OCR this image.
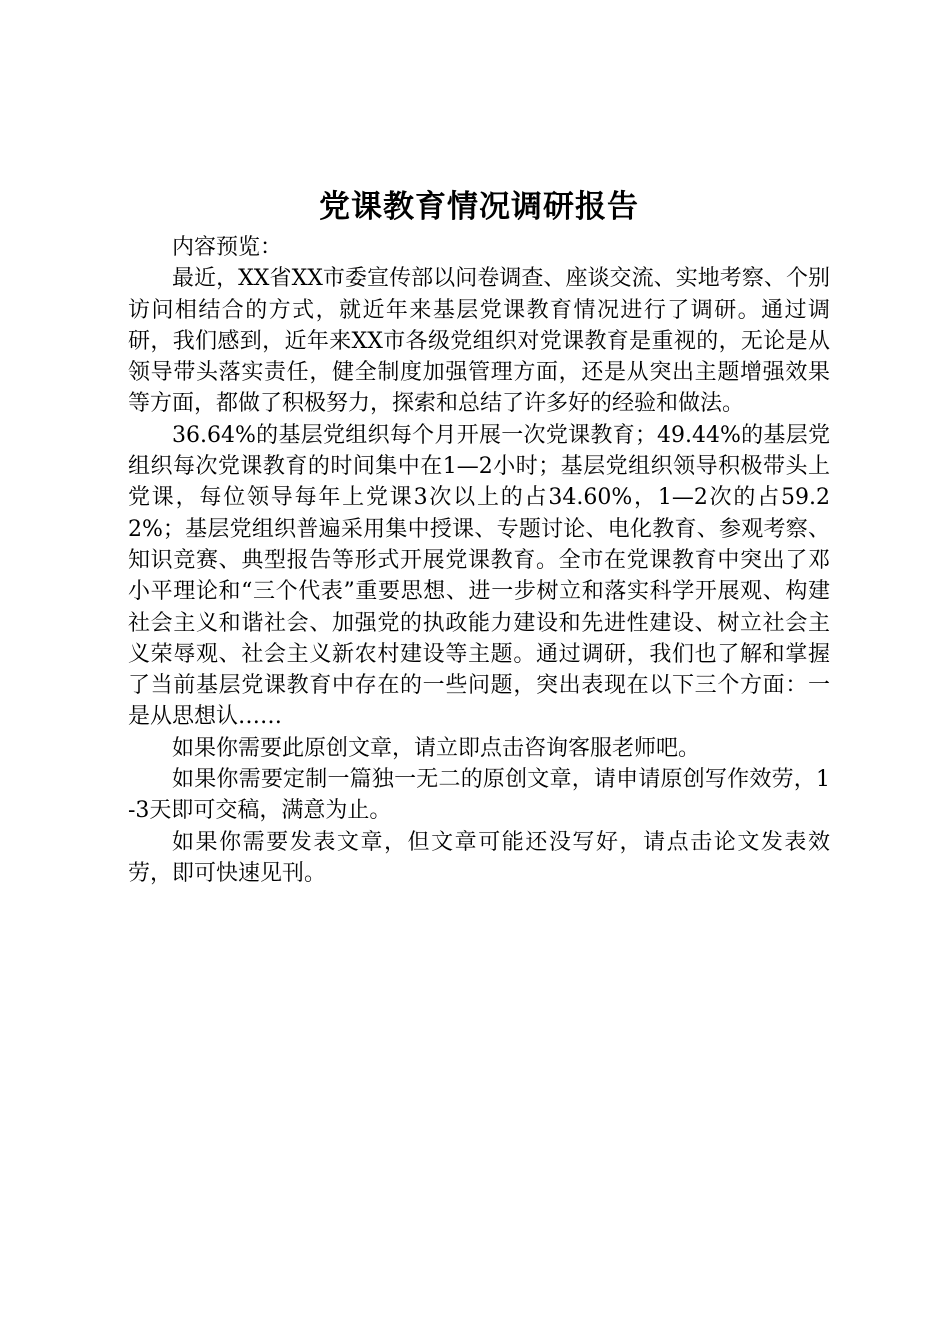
党课教育情况调研报告

内容预览：

最近，XX省XX市委宣传部以问卷调查、座谈交流、实地考察、个别访问相结合的方式，就近年来基层党课教育情况进行了调研。通过调研，我们感到，近年来XX市各级党组织对党课教育是重视的，无论是从领导带头落实责任，健全制度加强管理方面，还是从突出主题增强效果等方面，都做了积极努力，探索和总结了许多好的经验和做法。

36.64%的基层党组织每个月开展一次党课教育；49.44%的基层党组织每次党课教育的时间集中在1—2小时；基层党组织领导积极带头上党课，每位领导每年上党课3次以上的占34.60%，1—2次的占59.22%；基层党组织普遍采用集中授课、专题讨论、电化教育、参观考察、知识竞赛、典型报告等形式开展党课教育。全市在党课教育中突出了邓小平理论和“三个代表”重要思想、进一步树立和落实科学开展观、构建社会主义和谐社会、加强党的执政能力建设和先进性建设、树立社会主义荣辱观、社会主义新农村建设等主题。通过调研，我们也了解和掌握了当前基层党课教育中存在的一些问题，突出表现在以下三个方面：一是从思想认……

如果你需要此原创文章，请立即点击咨询客服老师吧。

如果你需要定制一篇独一无二的原创文章，请申请原创写作效劳，1-3天即可交稿，满意为止。

如果你需要发表文章，但文章可能还没写好，请点击论文发表效劳，即可快速见刊。
